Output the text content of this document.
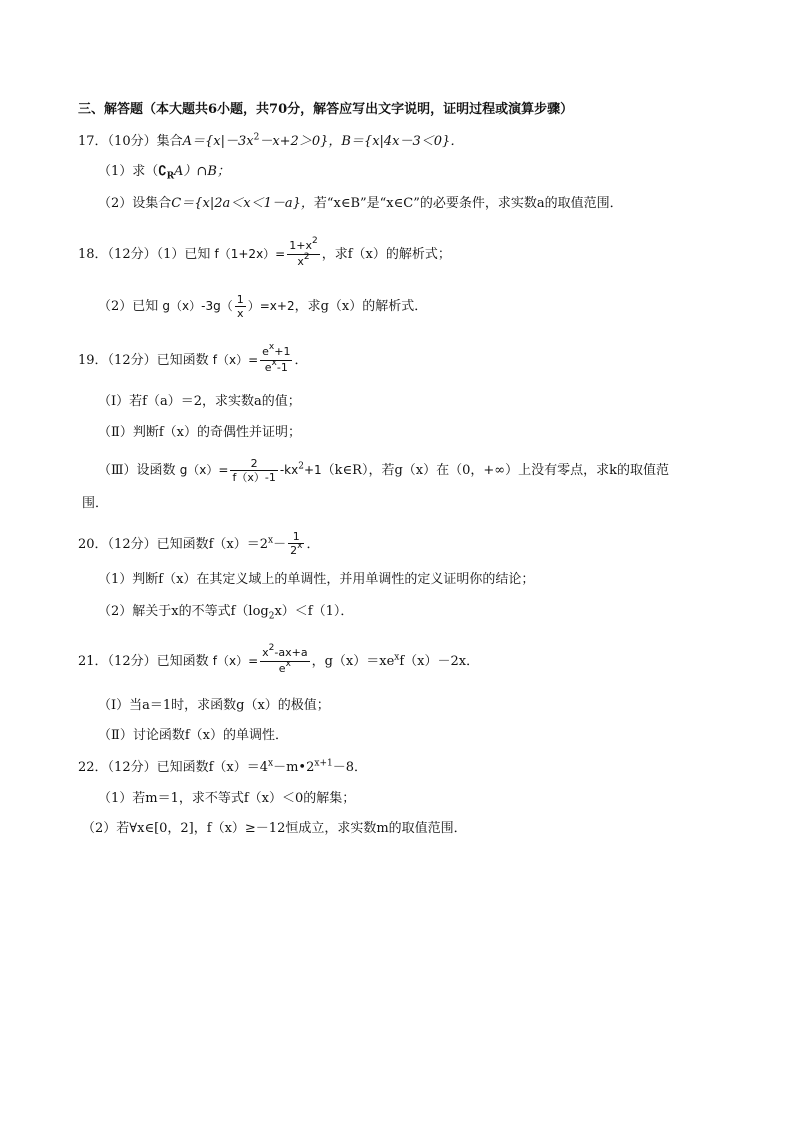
三、解答题（本大题共6小题，共70分，解答应写出文字说明，证明过程或演算步骤）
17．（10分）集合$A=\{x|-3x^2-x+2>0\}$，B＝{x|4x－3＜0}．
（1）求$(∁_RA)\cap B$；
（2）设集合C＝{x|2a＜x＜1－a}，若“x∈B”是“x∈C”的必要条件，求实数a的取值范围．
18．（12分）（1）已知 $f(1+2x)= \frac{1+x^2}{x^2}$ ，求f（x）的解析式；
（2）已知 $g(x)-3g( \frac{1}{x} )=x+2$，求g（x）的解析式．
19．（12分）已知函数 $f(x)= \frac{e^x+1}{e^x-1}$ ．
（Ⅰ）若f（a）＝2，求实数a的值；
（Ⅱ）判断f（x）的奇偶性并证明；
（Ⅲ）设函数 $g(x)= \frac{2}{f(x)-1}$ $-kx^2+1(k\in R)$，若g（x）在（0，+∞）上没有零点，求k的取值范
围．
20．（12分）已知函数$f(x)=2^x- \frac{1}{2^x}$ ．
（1）判断f（x）在其定义域上的单调性，并用单调性的定义证明你的结论；
（2）解关于x的不等式$f(\log_2x)<f(1)$．
21．（12分）已知函数 $f(x)= \frac{x^2-ax+a}{e^x}$ ，$g(x)=xe^xf(x)-2x$．
（Ⅰ）当a＝1时，求函数g（x）的极值；
（Ⅱ）讨论函数f（x）的单调性．
22．（12分）已知函数$f(x)=4^x-m•2^{x+1}-8$．
（1）若m＝1，求不等式f（x）＜0的解集；
（2）若∀x∈[0，2]，f（x）≥－12恒成立，求实数m的取值范围．
